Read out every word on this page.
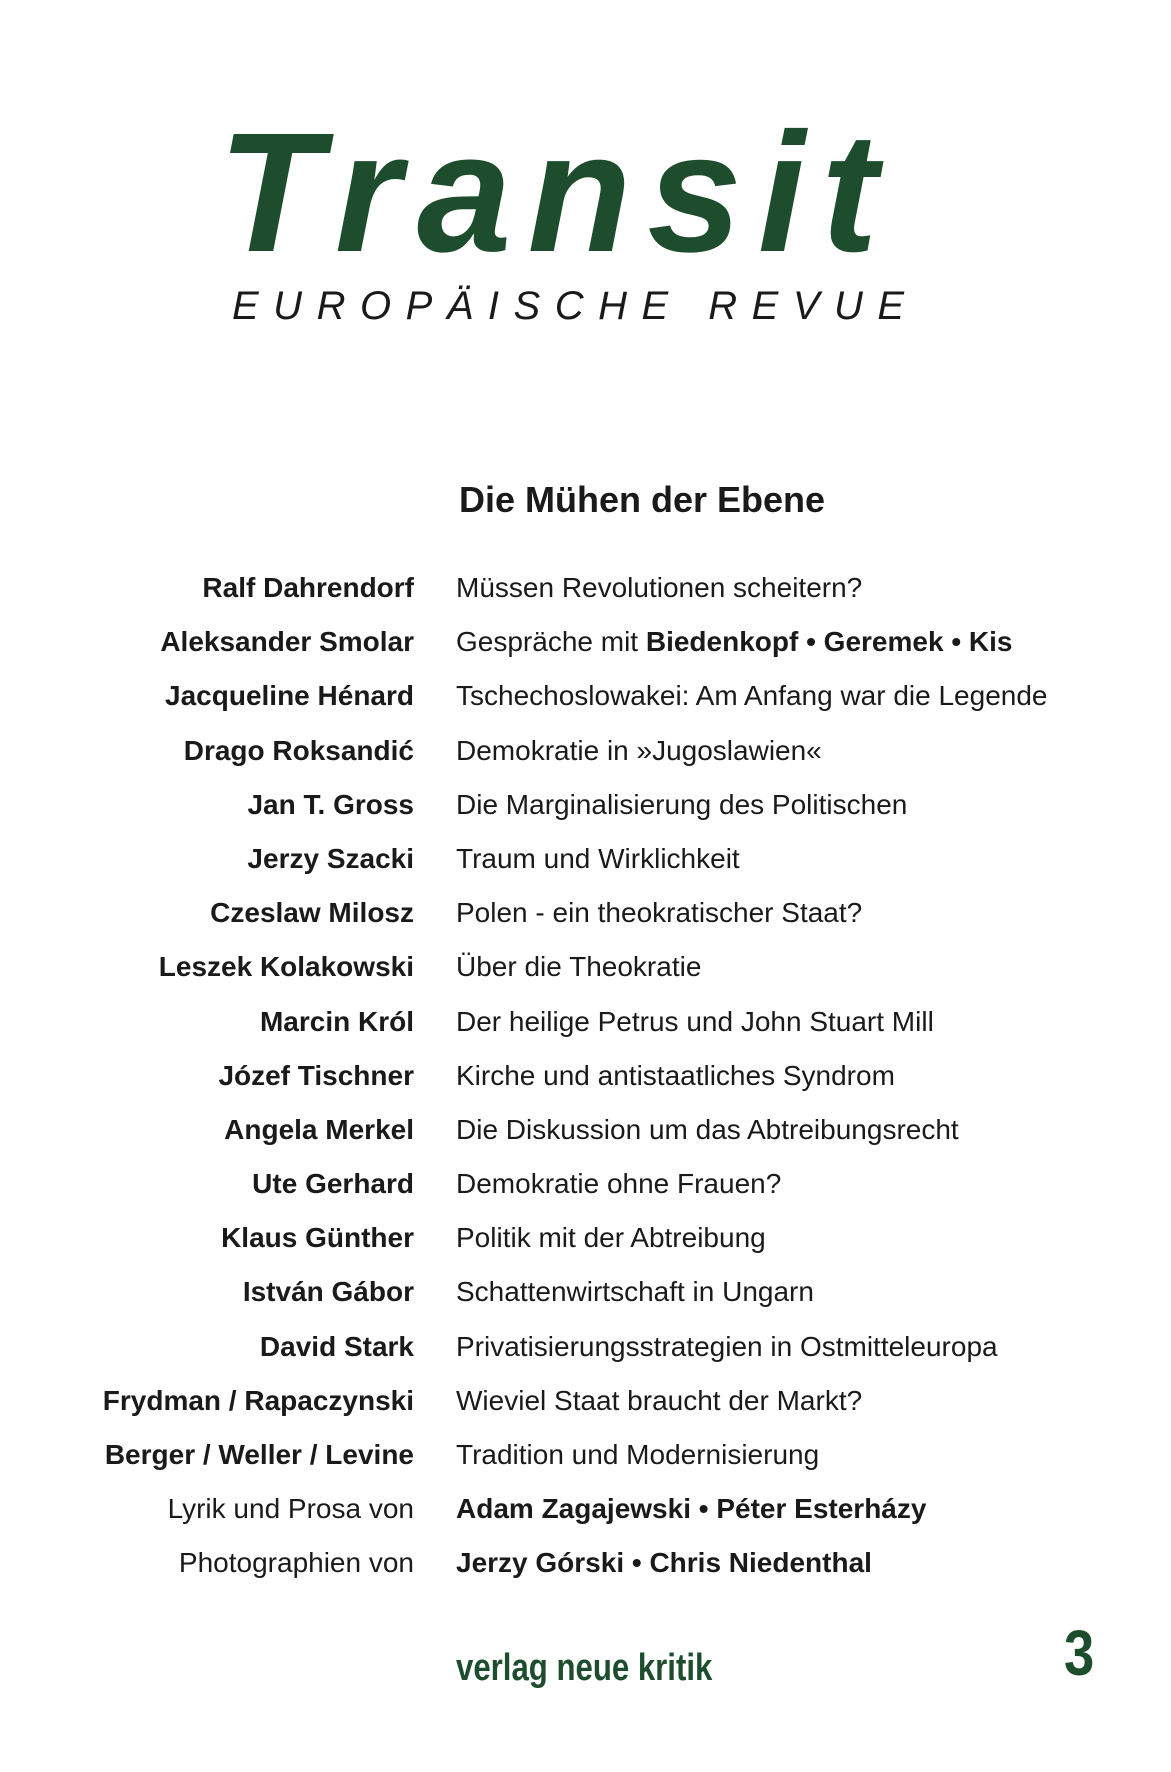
Transit
EUROPÄISCHE REVUE
Die Mühen der Ebene
Ralf Dahrendorf Müssen Revolutionen scheitern?
Aleksander Smolar Gespräche mit Biedenkopf • Geremek • Kis
Jacqueline Hénard Tschechoslowakei: Am Anfang war die Legende
Drago Roksandić Demokratie in »Jugoslawien«
Jan T. Gross Die Marginalisierung des Politischen
Jerzy Szacki Traum und Wirklichkeit
Czeslaw Milosz Polen - ein theokratischer Staat?
Leszek Kolakowski Über die Theokratie
Marcin Król Der heilige Petrus und John Stuart Mill
Józef Tischner Kirche und antistaatliches Syndrom
Angela Merkel Die Diskussion um das Abtreibungsrecht
Ute Gerhard Demokratie ohne Frauen?
Klaus Günther Politik mit der Abtreibung
István Gábor Schattenwirtschaft in Ungarn
David Stark Privatisierungsstrategien in Ostmitteleuropa
Frydman / Rapaczynski Wieviel Staat braucht der Markt?
Berger / Weller / Levine Tradition und Modernisierung
Lyrik und Prosa von Adam Zagajewski • Péter Esterházy
Photographien von Jerzy Górski • Chris Niedenthal
verlag neue kritik	3
